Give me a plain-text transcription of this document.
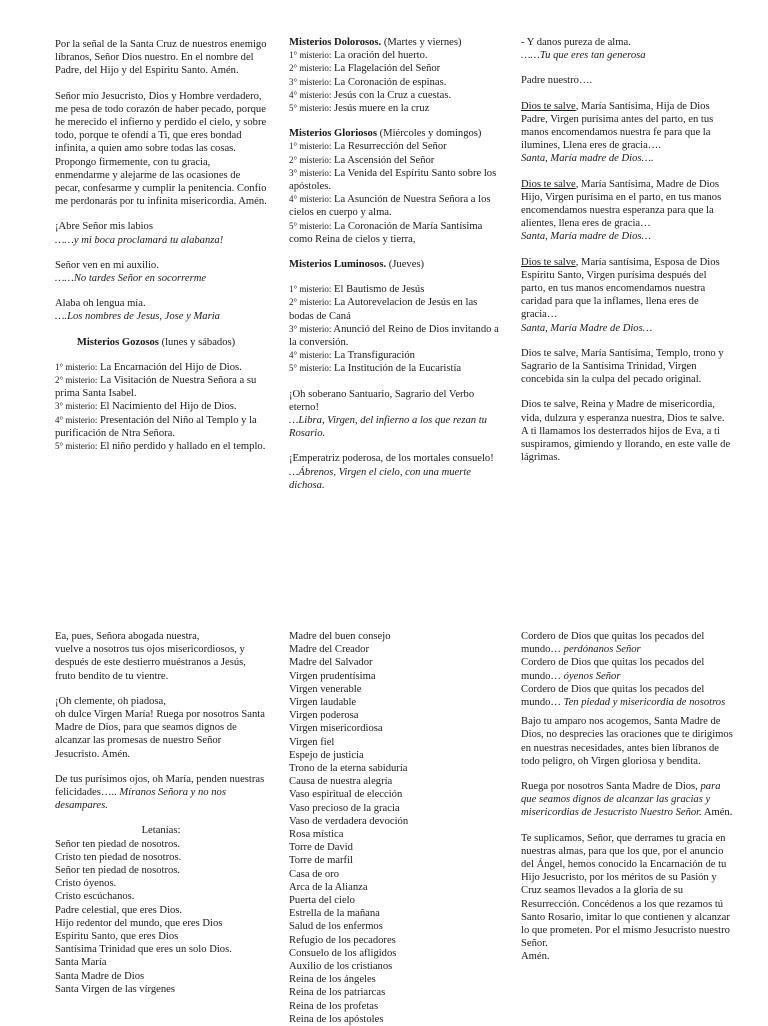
Por la señal de la Santa Cruz de nuestros enemigo líbranos, Señor Dios nuestro. En el nombre del Padre, del Hijo y del Espíritu Santo. Amén.

Señor mío Jesucristo, Dios y Hombre verdadero, me pesa de todo corazón de haber pecado, porque he merecido el infierno y perdido el cielo, y sobre todo, porque te ofendí a Ti, que eres bondad infinita, a quien amo sobre todas las cosas. Propongo firmemente, con tu gracia, enmendarme y alejarme de las ocasiones de pecar, confesarme y cumplir la penitencia. Confío me perdonarás por tu infinita misericordia. Amén.

¡Abre Señor mis labios

……y mi boca proclamará tu alabanza!

Señor ven en mi auxilio.

……No tardes Señor en socorrerme

Alaba oh lengua mía.

….Los nombres de Jesus, Jose y Maria

Misterios Gozosos (lunes y sábados)

1° misterio: La Encarnación del Hijo de Dios.

2° misterio: La Visitación de Nuestra Señora a su prima Santa Isabel.

3° misterio: El Nacimiento del Hijo de Dios.

4° misterio: Presentación del Niño al Templo y la purificación de Ntra Señora.

5° misterio: El niño perdido y hallado en el templo.

Misterios Dolorosos. (Martes y viernes)

1° misterio: La oración del huerto.

2° misterio: La Flagelación del Señor

3° misterio: La Coronación de espinas.

4° misterio: Jesús con la Cruz a cuestas.

5° misterio: Jesús muere en la cruz

Misterios Gloriosos (Miércoles y domingos)

1° misterio: La Resurrección del Señor

2° misterio: La Ascensión del Señor

3° misterio: La Venida del Espíritu Santo sobre los apóstoles.

4° misterio: La Asunción de Nuestra Señora a los cielos en cuerpo y alma.

5° misterio: La Coronación de María Santísima como Reina de cielos y tierra,

Misterios Luminosos. (Jueves)

1° misterio: El Bautismo de Jesús

2° misterio: La Autorevelacion de Jesús en las bodas de Caná

3° misterio: Anunció del Reino de Dios invitando a la conversión.

4° misterio: La Transfiguración

5° misterio: La Institución de la Eucaristía

¡Oh soberano Santuario, Sagrario del Verbo eterno!

…Libra, Virgen, del infierno a los que rezan tu Rosario.

¡Emperatriz poderosa, de los mortales consuelo!

…Ábrenos, Virgen el cielo, con una muerte dichosa.

- Y danos pureza de alma.

……Tu que eres tan generosa

Padre nuestro….

Dios te salve, María Santísima, Hija de Dios Padre, Virgen purísima antes del parto, en tus manos encomendamos nuestra fe para que la ilumines, Llena eres de gracia….

Santa, María madre de Dios….

Dios te salve, María Santísima, Madre de Dios Hijo, Virgen purísima en el parto, en tus manos encomendamos nuestra esperanza para que la alientes, llena eres de gracia…

Santa, María madre de Dios…

Dios te salve, María santísima, Esposa de Dios Espíritu Santo, Virgen purísima después del parto, en tus manos encomendamos nuestra caridad para que la inflames, llena eres de gracia…

Santa, María Madre de Dios…

Dios te salve, María Santísima, Templo, trono y Sagrario de la Santísima Trinidad, Virgen concebida sin la culpa del pecado original.

Dios te salve, Reina y Madre de misericordia, vida, dulzura y esperanza nuestra, Dios te salve.
A ti llamamos los desterrados hijos de Eva, a ti suspiramos, gimiendo y llorando, en este valle de lágrimas.

Ea, pues, Señora abogada nuestra,
vuelve a nosotros tus ojos misericordiosos, y después de este destierro muéstranos a Jesús,
fruto bendito de tu vientre.

¡Oh clemente, oh piadosa,
oh dulce Virgen María! Ruega por nosotros Santa Madre de Dios, para que seamos dignos de alcanzar las promesas de nuestro Señor Jesucristo. Amén.

De tus purísimos ojos, oh María, penden nuestras felicidades….. Míranos Señora y no nos desampares.

Letanías:

Señor ten piedad de nosotros.

Cristo ten piedad de nosotros.

Señor ten piedad de nosotros.

Cristo óyenos.

Cristo escúchanos.

Padre celestial, que eres Dios.

Hijo redentor del mundo, que eres Dios

Espíritu Santo, que eres Dios

Santísima Trinidad que eres un solo Dios.

Santa María

Santa Madre de Dios

Santa Virgen de las vírgenes

Madre del buen consejo

Madre del Creador

Madre del Salvador

Virgen prudentísima

Virgen venerable

Virgen laudable

Virgen poderosa

Virgen misericordiosa

Virgen fiel

Espejo de justicia

Trono de la eterna sabiduría

Causa de nuestra alegría

Vaso espiritual de elección

Vaso precioso de la gracia

Vaso de verdadera devoción

Rosa mística

Torre de David

Torre de marfil

Casa de oro

Arca de la Alianza

Puerta del cielo

Estrella de la mañana

Salud de los enfermos

Refugio de los pecadores

Consuelo de los afligidos

Auxilio de los cristianos

Reina de los ángeles

Reina de los patriarcas

Reina de los profetas

Reina de los apóstoles

Cordero de Dios que quitas los pecados del mundo… perdónanos Señor

Cordero de Dios que quitas los pecados del mundo… óyenos Señor

Cordero de Dios que quitas los pecados del mundo… Ten piedad y misericordia de nosotros

Bajo tu amparo nos acogemos, Santa Madre de Dios, no desprecies las oraciones que te dirigimos en nuestras necesidades, antes bien líbranos de todo peligro, oh Virgen gloriosa y bendita.

Ruega por nosotros Santa Madre de Dios, para que seamos dignos de alcanzar las gracias y misericordias de Jesucristo Nuestro Señor. Amén.

Te suplicamos, Señor, que derrames tu gracia en nuestras almas, para que los que, por el anuncio del Ángel, hemos conocido la Encarnación de tu Hijo Jesucristo, por los méritos de su Pasión y Cruz seamos llevados a la gloria de su Resurrección. Concédenos a los que rezamos tú Santo Rosario, imitar lo que contienen y alcanzar lo que prometen. Por el mismo Jesucristo nuestro Señor.
Amén.
